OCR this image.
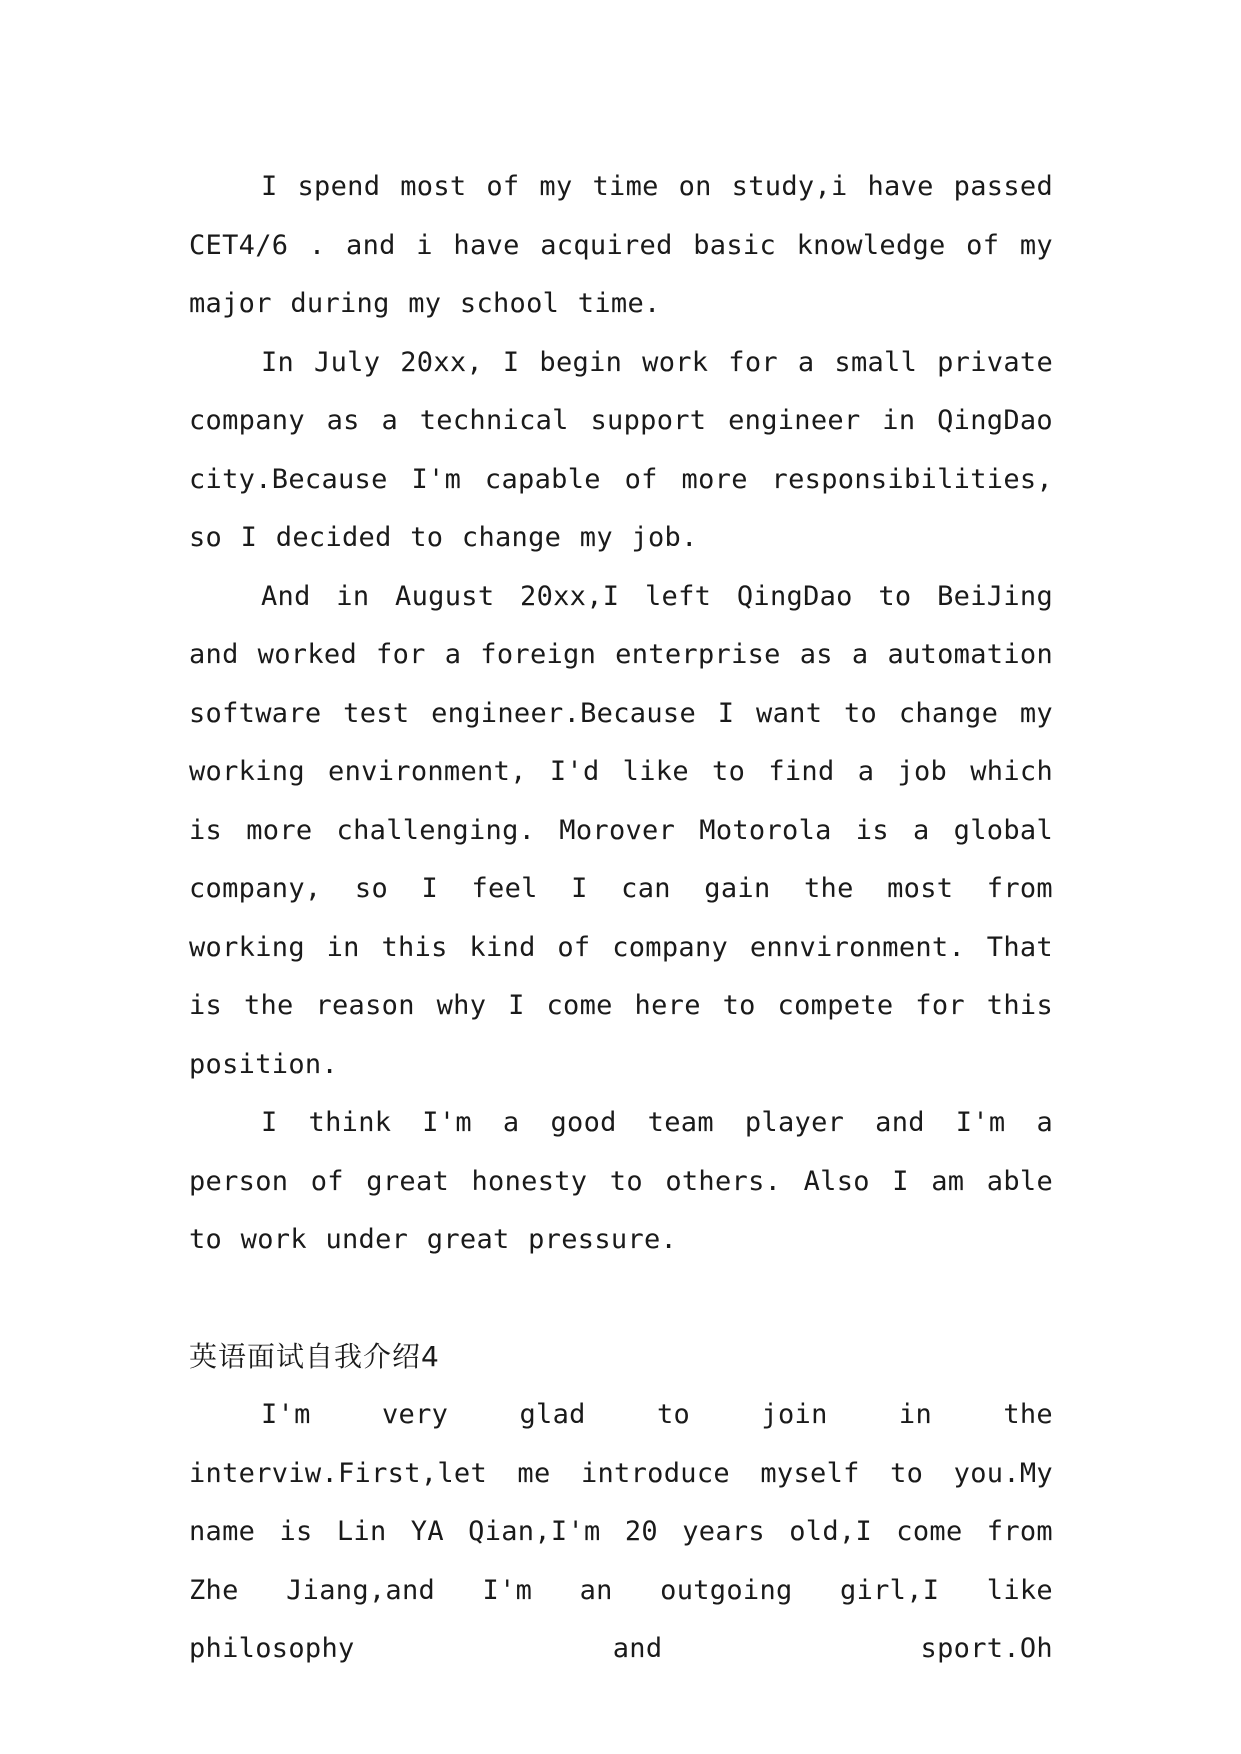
I spend most of my time on study,i have passed CET4/6 . and i have acquired basic knowledge of my major during my school time.

In July 20xx, I begin work for a small private company as a technical support engineer in QingDao city.Because I'm capable of more responsibilities, so I decided to change my job.

And in August 20xx,I left QingDao to BeiJing and worked for a foreign enterprise as a automation software test engineer.Because I want to change my working environment, I'd like to find a job which is more challenging. Morover Motorola is a global company, so I feel I can gain the most from working in this kind of company ennvironment. That is the reason why I come here to compete for this position.

I think I'm a good team player and I'm a person of great honesty to others. Also I am able to work under great pressure.

英语面试自我介绍4

I'm very glad to join in the interviw.First,let me introduce myself to you.My name is Lin YA Qian,I'm 20 years old,I come from Zhe Jiang,and I'm an outgoing girl,I like philosophy and sport.Oh
